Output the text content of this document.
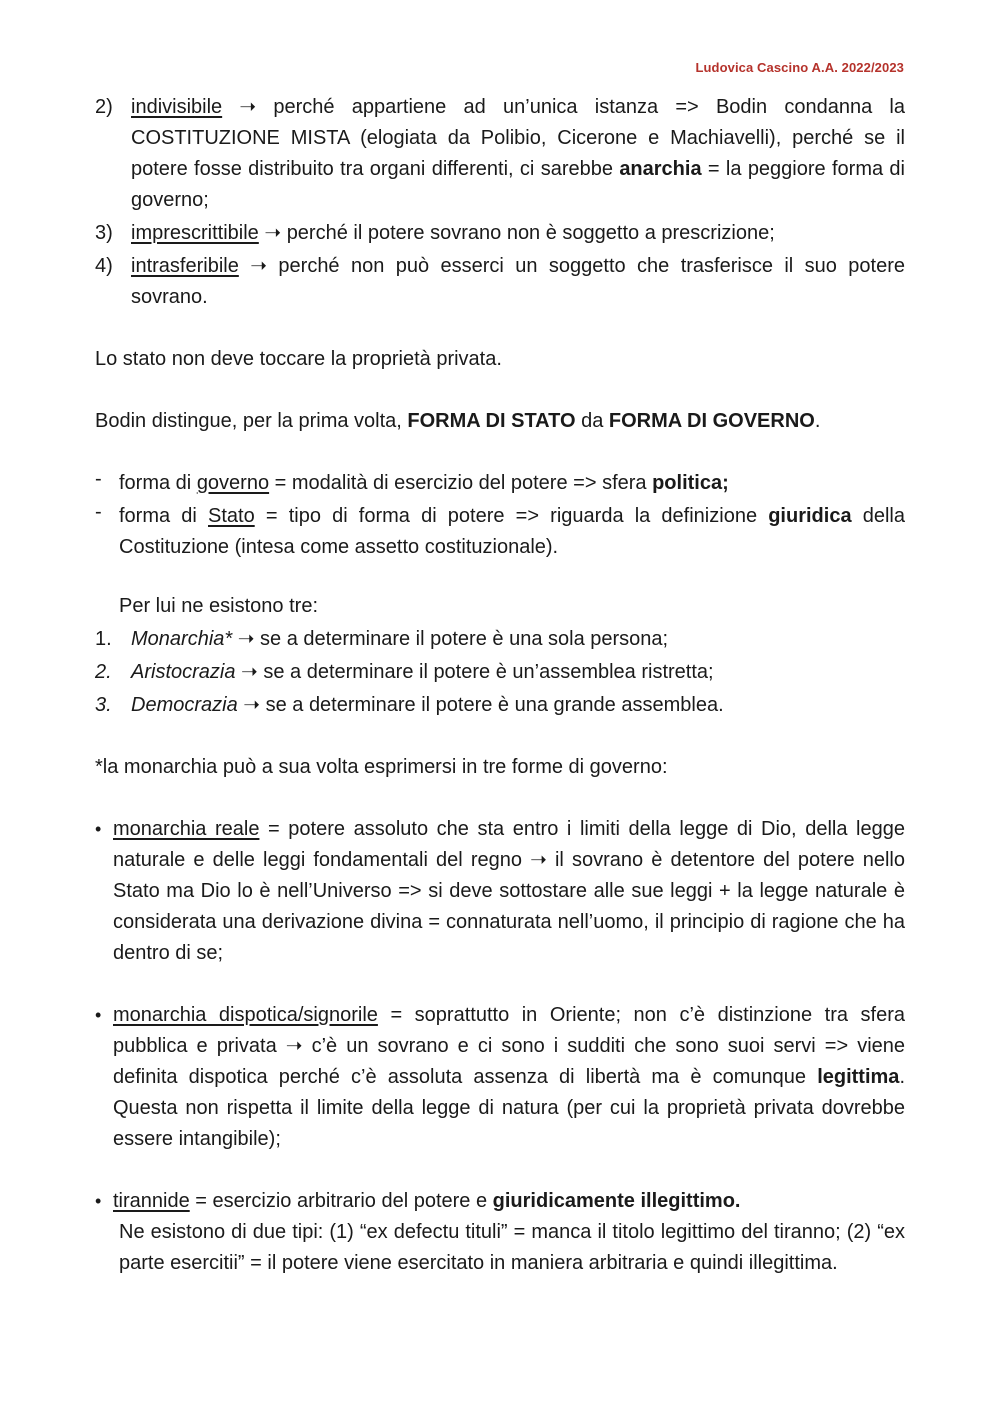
Ludovica Cascino A.A. 2022/2023
2) indivisibile ➝ perché appartiene ad un’unica istanza => Bodin condanna la COSTITUZIONE MISTA (elogiata da Polibio, Cicerone e Machiavelli), perché se il potere fosse distribuito tra organi differenti, ci sarebbe anarchia = la peggiore forma di governo;
3) imprescrittibile ➝ perché il potere sovrano non è soggetto a prescrizione;
4) intrasferibile ➝ perché non può esserci un soggetto che trasferisce il suo potere sovrano.

Lo stato non deve toccare la proprietà privata.

Bodin distingue, per la prima volta, FORMA DI STATO da FORMA DI GOVERNO.

- forma di governo = modalità di esercizio del potere => sfera politica;
- forma di Stato = tipo di forma di potere => riguarda la definizione giuridica della Costituzione (intesa come assetto costituzionale).

Per lui ne esistono tre:

1. Monarchia* ➝ se a determinare il potere è una sola persona;
2. Aristocrazia ➝ se a determinare il potere è un’assemblea ristretta;
3. Democrazia ➝ se a determinare il potere è una grande assemblea.

*la monarchia può a sua volta esprimersi in tre forme di governo:

• monarchia reale = potere assoluto che sta entro i limiti della legge di Dio, della legge naturale e delle leggi fondamentali del regno ➝ il sovrano è detentore del potere nello Stato ma Dio lo è nell’Universo => si deve sottostare alle sue leggi + la legge naturale è considerata una derivazione divina = connaturata nell’uomo, il principio di ragione che ha dentro di se;
• monarchia dispotica/signorile = soprattutto in Oriente; non c’è distinzione tra sfera pubblica e privata ➝ c’è un sovrano e ci sono i sudditi che sono suoi servi => viene definita dispotica perché c’è assoluta assenza di libertà ma è comunque legittima. Questa non rispetta il limite della legge di natura (per cui la proprietà privata dovrebbe essere intangibile);
• tirannide = esercizio arbitrario del potere e giuridicamente illegittimo.

Ne esistono di due tipi: (1) “ex defectu tituli” = manca il titolo legittimo del tiranno; (2) “ex parte esercitii” = il potere viene esercitato in maniera arbitraria e quindi illegittima.
